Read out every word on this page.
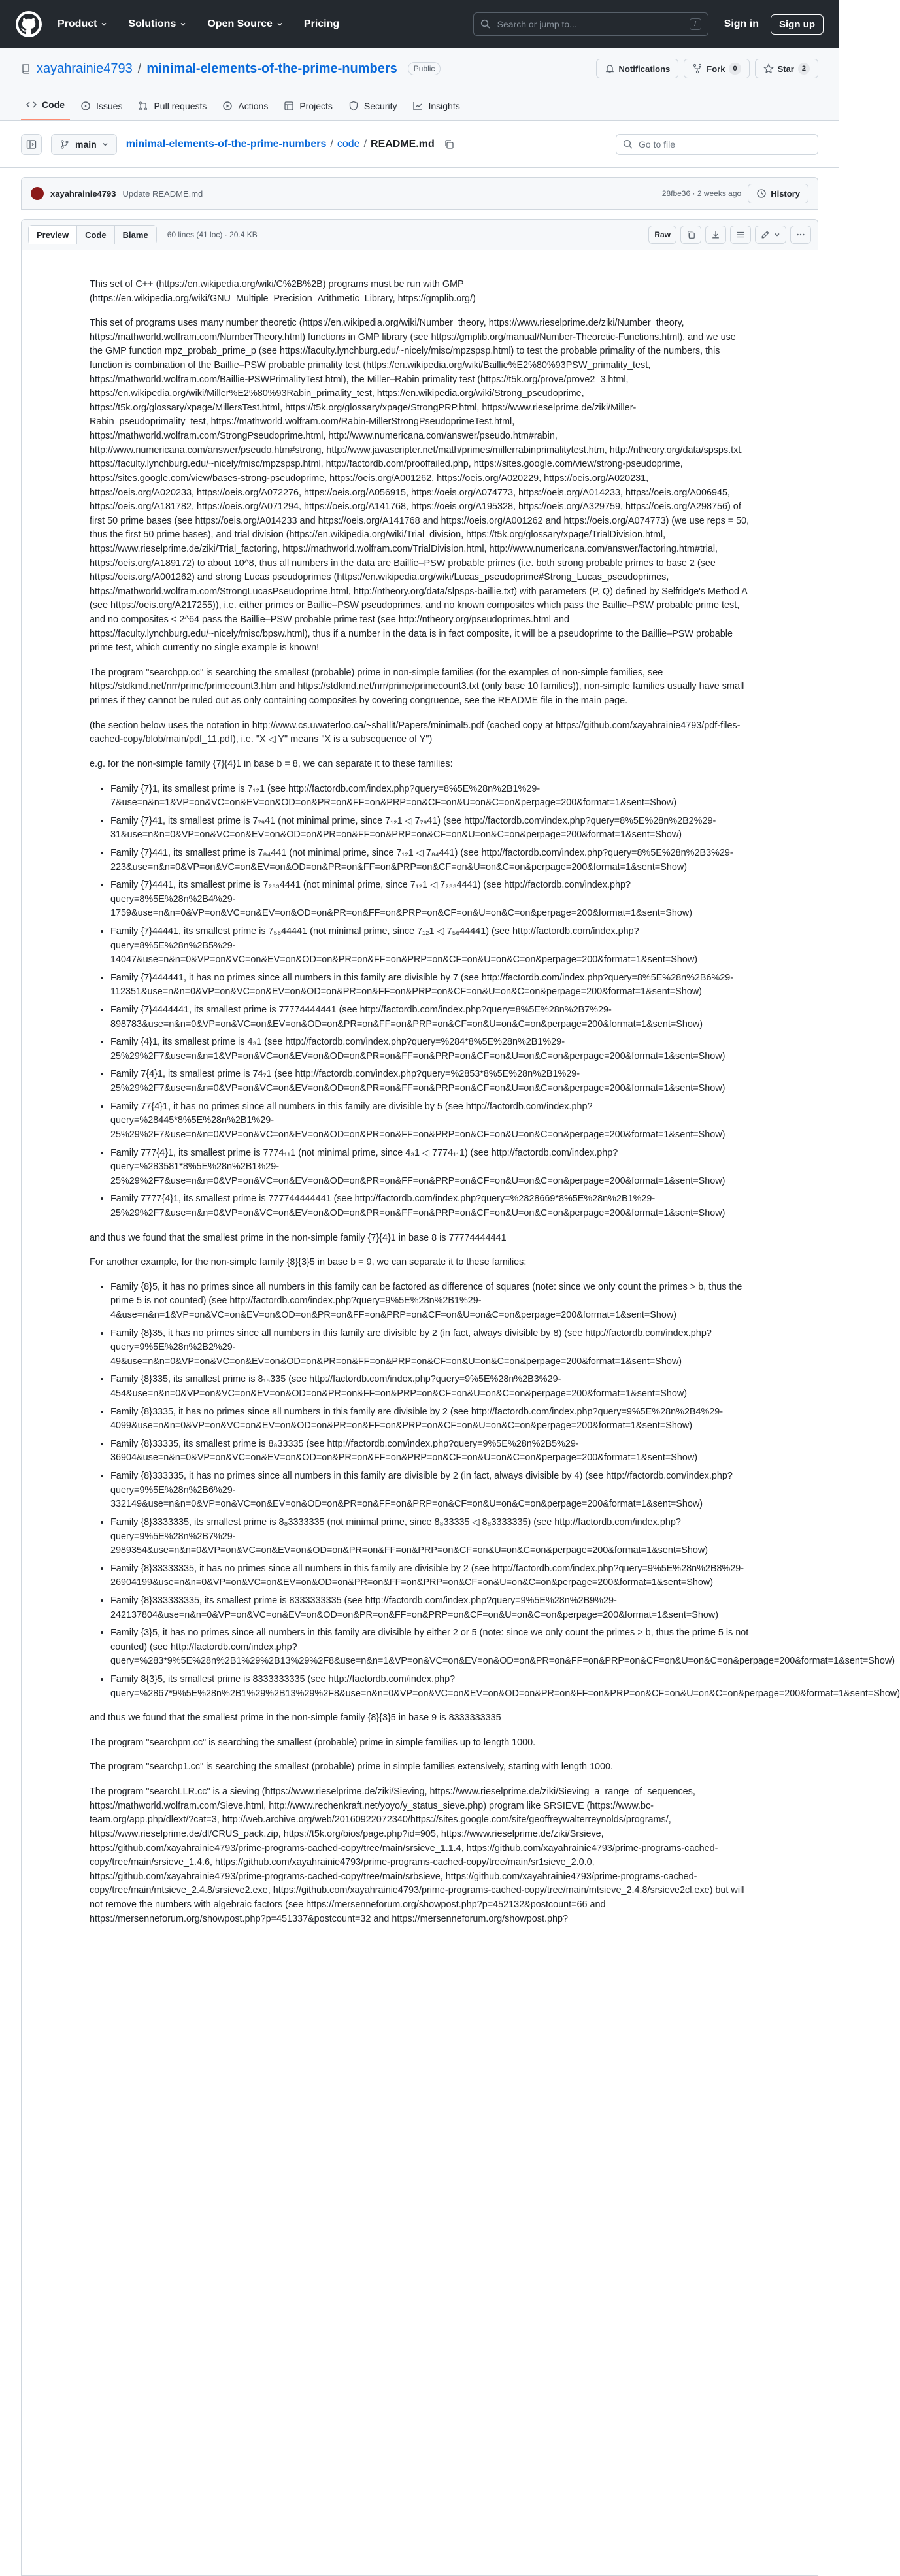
Product	Solutions	Open Source	Pricing	Search or jump to...	/	Sign in	Sign up
xayahrainie4793 / minimal-elements-of-the-prime-numbers	Public	Notifications	Fork	0	Star	2
Code	Issues	Pull requests	Actions	Projects	Security	Insights
main	minimal-elements-of-the-prime-numbers / code / README.md	Go to file
xayahrainie4793 Update README.md	28fbe36 · 2 weeks ago	History
Preview	Code	Blame	60 lines (41 loc) · 20.4 KB	Raw

This set of C++ (https://en.wikipedia.org/wiki/C%2B%2B) programs must be run with GMP (https://en.wikipedia.org/wiki/GNU_Multiple_Precision_Arithmetic_Library, https://gmplib.org/)

This set of programs uses many number theoretic (https://en.wikipedia.org/wiki/Number_theory, https://www.rieselprime.de/ziki/Number_theory, https://mathworld.wolfram.com/NumberTheory.html) functions in GMP library (see https://gmplib.org/manual/Number-Theoretic-Functions.html), and we use the GMP function mpz_probab_prime_p (see https://faculty.lynchburg.edu/~nicely/misc/mpzspsp.html) to test the probable primality of the numbers, this function is combination of the Baillie–PSW probable primality test (https://en.wikipedia.org/wiki/Baillie%E2%80%93PSW_primality_test, https://mathworld.wolfram.com/Baillie-PSWPrimalityTest.html), the Miller–Rabin primality test (https://t5k.org/prove/prove2_3.html, https://en.wikipedia.org/wiki/Miller%E2%80%93Rabin_primality_test, https://en.wikipedia.org/wiki/Strong_pseudoprime, https://t5k.org/glossary/xpage/MillersTest.html, https://t5k.org/glossary/xpage/StrongPRP.html, https://www.rieselprime.de/ziki/Miller-Rabin_pseudoprimality_test, https://mathworld.wolfram.com/Rabin-MillerStrongPseudoprimeTest.html, https://mathworld.wolfram.com/StrongPseudoprime.html, http://www.numericana.com/answer/pseudo.htm#rabin, http://www.numericana.com/answer/pseudo.htm#strong, http://www.javascripter.net/math/primes/millerrabinprimalitytest.htm, http://ntheory.org/data/spsps.txt, https://faculty.lynchburg.edu/~nicely/misc/mpzspsp.html, http://factordb.com/prooffailed.php, https://sites.google.com/view/strong-pseudoprime, https://sites.google.com/view/bases-strong-pseudoprime, https://oeis.org/A001262, https://oeis.org/A020229, https://oeis.org/A020231, https://oeis.org/A020233, https://oeis.org/A072276, https://oeis.org/A056915, https://oeis.org/A074773, https://oeis.org/A014233, https://oeis.org/A006945, https://oeis.org/A181782, https://oeis.org/A071294, https://oeis.org/A141768, https://oeis.org/A195328, https://oeis.org/A329759, https://oeis.org/A298756) of first 50 prime bases (see https://oeis.org/A014233 and https://oeis.org/A141768 and https://oeis.org/A001262 and https://oeis.org/A074773) (we use reps = 50, thus the first 50 prime bases), and trial division (https://en.wikipedia.org/wiki/Trial_division, https://t5k.org/glossary/xpage/TrialDivision.html, https://www.rieselprime.de/ziki/Trial_factoring, https://mathworld.wolfram.com/TrialDivision.html, http://www.numericana.com/answer/factoring.htm#trial, https://oeis.org/A189172) to about 10^8, thus all numbers in the data are Baillie–PSW probable primes (i.e. both strong probable primes to base 2 (see https://oeis.org/A001262) and strong Lucas pseudoprimes (https://en.wikipedia.org/wiki/Lucas_pseudoprime#Strong_Lucas_pseudoprimes, https://mathworld.wolfram.com/StrongLucasPseudoprime.html, http://ntheory.org/data/slpsps-baillie.txt) with parameters (P, Q) defined by Selfridge's Method A (see https://oeis.org/A217255)), i.e. either primes or Baillie–PSW pseudoprimes, and no known composites which pass the Baillie–PSW probable prime test, and no composites < 2^64 pass the Baillie–PSW probable prime test (see http://ntheory.org/pseudoprimes.html and https://faculty.lynchburg.edu/~nicely/misc/bpsw.html), thus if a number in the data is in fact composite, it will be a pseudoprime to the Baillie–PSW probable prime test, which currently no single example is known!

The program "searchpp.cc" is searching the smallest (probable) prime in non-simple families (for the examples of non-simple families, see https://stdkmd.net/nrr/prime/primecount3.htm and https://stdkmd.net/nrr/prime/primecount3.txt (only base 10 families)), non-simple families usually have small primes if they cannot be ruled out as only containing composites by covering congruence, see the README file in the main page.

(the section below uses the notation in http://www.cs.uwaterloo.ca/~shallit/Papers/minimal5.pdf (cached copy at https://github.com/xayahrainie4793/pdf-files-cached-copy/blob/main/pdf_11.pdf), i.e. "X ◁ Y" means "X is a subsequence of Y")

e.g. for the non-simple family {7}{4}1 in base b = 8, we can separate it to these families:

• Family {7}1, its smallest prime is 7₁₂1 (see http://factordb.com/index.php?query=8%5E%28n%2B1%29-7&use=n&n=1&VP=on&VC=on&EV=on&OD=on&PR=on&FF=on&PRP=on&CF=on&U=on&C=on&perpage=200&format=1&sent=Show)
• Family {7}41, its smallest prime is 7₇₉41 (not minimal prime, since 7₁₂1 ◁ 7₇₉41) (see http://factordb.com/index.php?query=8%5E%28n%2B2%29-31&use=n&n=0&VP=on&VC=on&EV=on&OD=on&PR=on&FF=on&PRP=on&CF=on&U=on&C=on&perpage=200&format=1&sent=Show)
• Family {7}441, its smallest prime is 7₈₄441 (not minimal prime, since 7₁₂1 ◁ 7₈₄441) (see http://factordb.com/index.php?query=8%5E%28n%2B3%29-223&use=n&n=0&VP=on&VC=on&EV=on&OD=on&PR=on&FF=on&PRP=on&CF=on&U=on&C=on&perpage=200&format=1&sent=Show)
• Family {7}4441, its smallest prime is 7₂₃₃4441 (not minimal prime, since 7₁₂1 ◁ 7₂₃₃4441) (see http://factordb.com/index.php?query=8%5E%28n%2B4%29-1759&use=n&n=0&VP=on&VC=on&EV=on&OD=on&PR=on&FF=on&PRP=on&CF=on&U=on&C=on&perpage=200&format=1&sent=Show)
• Family {7}44441, its smallest prime is 7₅₆44441 (not minimal prime, since 7₁₂1 ◁ 7₅₆44441) (see http://factordb.com/index.php?query=8%5E%28n%2B5%29-14047&use=n&n=0&VP=on&VC=on&EV=on&OD=on&PR=on&FF=on&PRP=on&CF=on&U=on&C=on&perpage=200&format=1&sent=Show)
• Family {7}444441, it has no primes since all numbers in this family are divisible by 7 (see http://factordb.com/index.php?query=8%5E%28n%2B6%29-112351&use=n&n=0&VP=on&VC=on&EV=on&OD=on&PR=on&FF=on&PRP=on&CF=on&U=on&C=on&perpage=200&format=1&sent=Show)
• Family {7}4444441, its smallest prime is 77774444441 (see http://factordb.com/index.php?query=8%5E%28n%2B7%29-898783&use=n&n=0&VP=on&VC=on&EV=on&OD=on&PR=on&FF=on&PRP=on&CF=on&U=on&C=on&perpage=200&format=1&sent=Show)
• Family {4}1, its smallest prime is 4₃1 (see http://factordb.com/index.php?query=%284*8%5E%28n%2B1%29-25%29%2F7&use=n&n=1&VP=on&VC=on&EV=on&OD=on&PR=on&FF=on&PRP=on&CF=on&U=on&C=on&perpage=200&format=1&sent=Show)
• Family 7{4}1, its smallest prime is 74₇1 (see http://factordb.com/index.php?query=%2853*8%5E%28n%2B1%29-25%29%2F7&use=n&n=0&VP=on&VC=on&EV=on&OD=on&PR=on&FF=on&PRP=on&CF=on&U=on&C=on&perpage=200&format=1&sent=Show)
• Family 77{4}1, it has no primes since all numbers in this family are divisible by 5 (see http://factordb.com/index.php?query=%28445*8%5E%28n%2B1%29-25%29%2F7&use=n&n=0&VP=on&VC=on&EV=on&OD=on&PR=on&FF=on&PRP=on&CF=on&U=on&C=on&perpage=200&format=1&sent=Show)
• Family 777{4}1, its smallest prime is 7774₁₁1 (not minimal prime, since 4₃1 ◁ 7774₁₁1) (see http://factordb.com/index.php?query=%283581*8%5E%28n%2B1%29-25%29%2F7&use=n&n=0&VP=on&VC=on&EV=on&OD=on&PR=on&FF=on&PRP=on&CF=on&U=on&C=on&perpage=200&format=1&sent=Show)
• Family 7777{4}1, its smallest prime is 777744444441 (see http://factordb.com/index.php?query=%2828669*8%5E%28n%2B1%29-25%29%2F7&use=n&n=0&VP=on&VC=on&EV=on&OD=on&PR=on&FF=on&PRP=on&CF=on&U=on&C=on&perpage=200&format=1&sent=Show)

and thus we found that the smallest prime in the non-simple family {7}{4}1 in base 8 is 77774444441

For another example, for the non-simple family {8}{3}5 in base b = 9, we can separate it to these families:

• Family {8}5, it has no primes since all numbers in this family can be factored as difference of squares (note: since we only count the primes > b, thus the prime 5 is not counted) (see http://factordb.com/index.php?query=9%5E%28n%2B1%29-4&use=n&n=1&VP=on&VC=on&EV=on&OD=on&PR=on&FF=on&PRP=on&CF=on&U=on&C=on&perpage=200&format=1&sent=Show)
• Family {8}35, it has no primes since all numbers in this family are divisible by 2 (in fact, always divisible by 8) (see http://factordb.com/index.php?query=9%5E%28n%2B2%29-49&use=n&n=0&VP=on&VC=on&EV=on&OD=on&PR=on&FF=on&PRP=on&CF=on&U=on&C=on&perpage=200&format=1&sent=Show)
• Family {8}335, its smallest prime is 8₁₅335 (see http://factordb.com/index.php?query=9%5E%28n%2B3%29-454&use=n&n=0&VP=on&VC=on&EV=on&OD=on&PR=on&FF=on&PRP=on&CF=on&U=on&C=on&perpage=200&format=1&sent=Show)
• Family {8}3335, it has no primes since all numbers in this family are divisible by 2 (see http://factordb.com/index.php?query=9%5E%28n%2B4%29-4099&use=n&n=0&VP=on&VC=on&EV=on&OD=on&PR=on&FF=on&PRP=on&CF=on&U=on&C=on&perpage=200&format=1&sent=Show)
• Family {8}33335, its smallest prime is 8₈33335 (see http://factordb.com/index.php?query=9%5E%28n%2B5%29-36904&use=n&n=0&VP=on&VC=on&EV=on&OD=on&PR=on&FF=on&PRP=on&CF=on&U=on&C=on&perpage=200&format=1&sent=Show)
• Family {8}333335, it has no primes since all numbers in this family are divisible by 2 (in fact, always divisible by 4) (see http://factordb.com/index.php?query=9%5E%28n%2B6%29-332149&use=n&n=0&VP=on&VC=on&EV=on&OD=on&PR=on&FF=on&PRP=on&CF=on&U=on&C=on&perpage=200&format=1&sent=Show)
• Family {8}3333335, its smallest prime is 8₈3333335 (not minimal prime, since 8₈33335 ◁ 8₈3333335) (see http://factordb.com/index.php?query=9%5E%28n%2B7%29-2989354&use=n&n=0&VP=on&VC=on&EV=on&OD=on&PR=on&FF=on&PRP=on&CF=on&U=on&C=on&perpage=200&format=1&sent=Show)
• Family {8}33333335, it has no primes since all numbers in this family are divisible by 2 (see http://factordb.com/index.php?query=9%5E%28n%2B8%29-26904199&use=n&n=0&VP=on&VC=on&EV=on&OD=on&PR=on&FF=on&PRP=on&CF=on&U=on&C=on&perpage=200&format=1&sent=Show)
• Family {8}333333335, its smallest prime is 8333333335 (see http://factordb.com/index.php?query=9%5E%28n%2B9%29-242137804&use=n&n=0&VP=on&VC=on&EV=on&OD=on&PR=on&FF=on&PRP=on&CF=on&U=on&C=on&perpage=200&format=1&sent=Show)
• Family {3}5, it has no primes since all numbers in this family are divisible by either 2 or 5 (note: since we only count the primes > b, thus the prime 5 is not counted) (see http://factordb.com/index.php?query=%283*9%5E%28n%2B1%29%2B13%29%2F8&use=n&n=1&VP=on&VC=on&EV=on&OD=on&PR=on&FF=on&PRP=on&CF=on&U=on&C=on&perpage=200&format=1&sent=Show)
• Family 8{3}5, its smallest prime is 8333333335 (see http://factordb.com/index.php?query=%2867*9%5E%28n%2B1%29%2B13%29%2F8&use=n&n=0&VP=on&VC=on&EV=on&OD=on&PR=on&FF=on&PRP=on&CF=on&U=on&C=on&perpage=200&format=1&sent=Show)

and thus we found that the smallest prime in the non-simple family {8}{3}5 in base 9 is 8333333335

The program "searchpm.cc" is searching the smallest (probable) prime in simple families up to length 1000.

The program "searchp1.cc" is searching the smallest (probable) prime in simple families extensively, starting with length 1000.

The program "searchLLR.cc" is a sieving (https://www.rieselprime.de/ziki/Sieving, https://www.rieselprime.de/ziki/Sieving_a_range_of_sequences, https://mathworld.wolfram.com/Sieve.html, http://www.rechenkraft.net/yoyo/y_status_sieve.php) program like SRSIEVE (https://www.bc-team.org/app.php/dlext/?cat=3, http://web.archive.org/web/20160922072340/https://sites.google.com/site/geoffreywalterreynolds/programs/, https://www.rieselprime.de/dl/CRUS_pack.zip, https://t5k.org/bios/page.php?id=905, https://www.rieselprime.de/ziki/Srsieve, https://github.com/xayahrainie4793/prime-programs-cached-copy/tree/main/srsieve_1.1.4, https://github.com/xayahrainie4793/prime-programs-cached-copy/tree/main/srsieve_1.4.6, https://github.com/xayahrainie4793/prime-programs-cached-copy/tree/main/sr1sieve_2.0.0, https://github.com/xayahrainie4793/prime-programs-cached-copy/tree/main/srbsieve, https://github.com/xayahrainie4793/prime-programs-cached-copy/tree/main/mtsieve_2.4.8/srsieve2.exe, https://github.com/xayahrainie4793/prime-programs-cached-copy/tree/main/mtsieve_2.4.8/srsieve2cl.exe) but will not remove the numbers with algebraic factors (see https://mersenneforum.org/showpost.php?p=452132&postcount=66 and https://mersenneforum.org/showpost.php?p=451337&postcount=32 and https://mersenneforum.org/showpost.php?
